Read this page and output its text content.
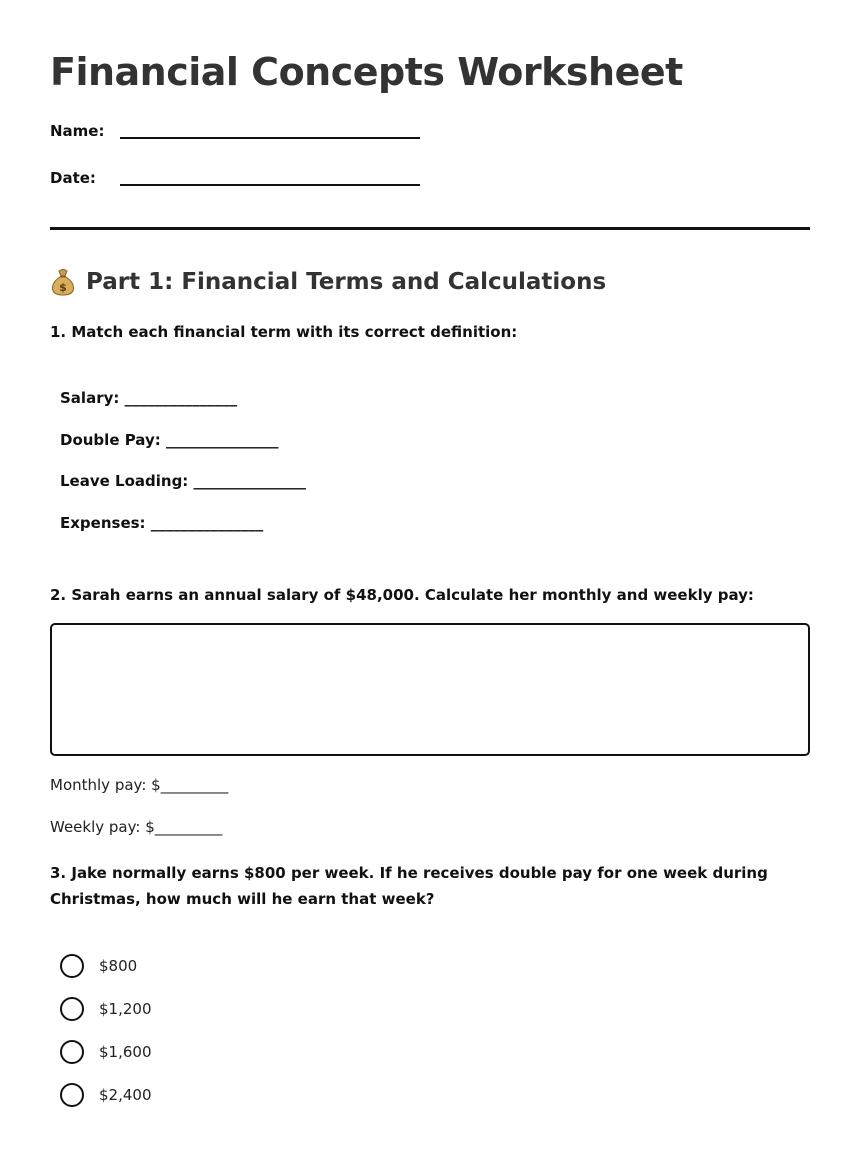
Financial Concepts Worksheet
Name:
Date:
$ Part 1: Financial Terms and Calculations
1. Match each financial term with its correct definition:
Salary: _______________
Double Pay: _______________
Leave Loading: _______________
Expenses: _______________
2. Sarah earns an annual salary of $48,000. Calculate her monthly and weekly pay:
Monthly pay: $_________
Weekly pay: $_________
3. Jake normally earns $800 per week. If he receives double pay for one week during Christmas, how much will he earn that week?
$800
$1,200
$1,600
$2,400
